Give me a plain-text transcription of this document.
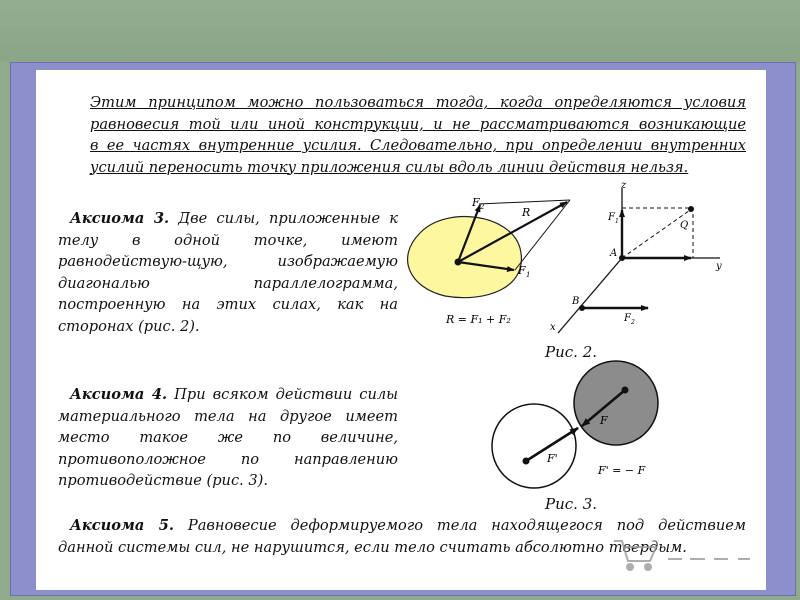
Этим принципом можно пользоваться тогда, когда определяются условия
равновесия той или иной конструкции, и не рассматриваются возникающие
в ее частях внутренние усилия. Следовательно, при определении внутренних
усилий переносить точку приложения силы вдоль линии действия нельзя.
Аксиома 3. Две силы, приложенные к
телу в одной точке, имеют
равнодействую-щую, изображаемую
диагональю параллелограмма,
построенную на этих силах, как на
сторонах (рис. 2).
Аксиома 4. При всяком действии силы
материального тела на другое имеет
место такое же по величине,
противоположное по направлению
противодействие (рис. 3).
Аксиома 5. Равновесие деформируемого тела находящегося под действием
данной системы сил, не нарушится, если тело считать абсолютно твердым.
F 2	R
F 1
R = F₁ + F₂
z
y
x
A
Q
F 1
B
F 2
Рис. 2.
F
F'
F' = − F
Рис. 3.
